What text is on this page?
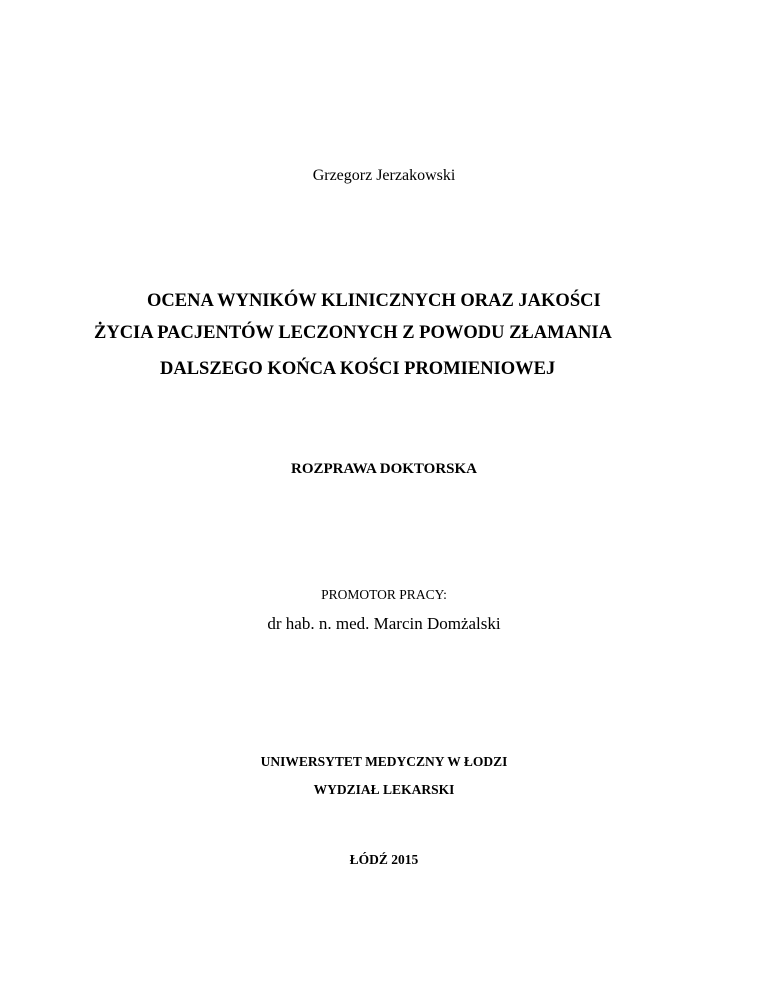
Grzegorz Jerzakowski
OCENA WYNIKÓW KLINICZNYCH ORAZ JAKOŚCI
ŻYCIA PACJENTÓW LECZONYCH Z POWODU ZŁAMANIA
DALSZEGO KOŃCA KOŚCI PROMIENIOWEJ
ROZPRAWA DOKTORSKA
PROMOTOR PRACY:
dr hab. n. med. Marcin Domżalski
UNIWERSYTET MEDYCZNY W ŁODZI
WYDZIAŁ LEKARSKI
ŁÓDŹ 2015
